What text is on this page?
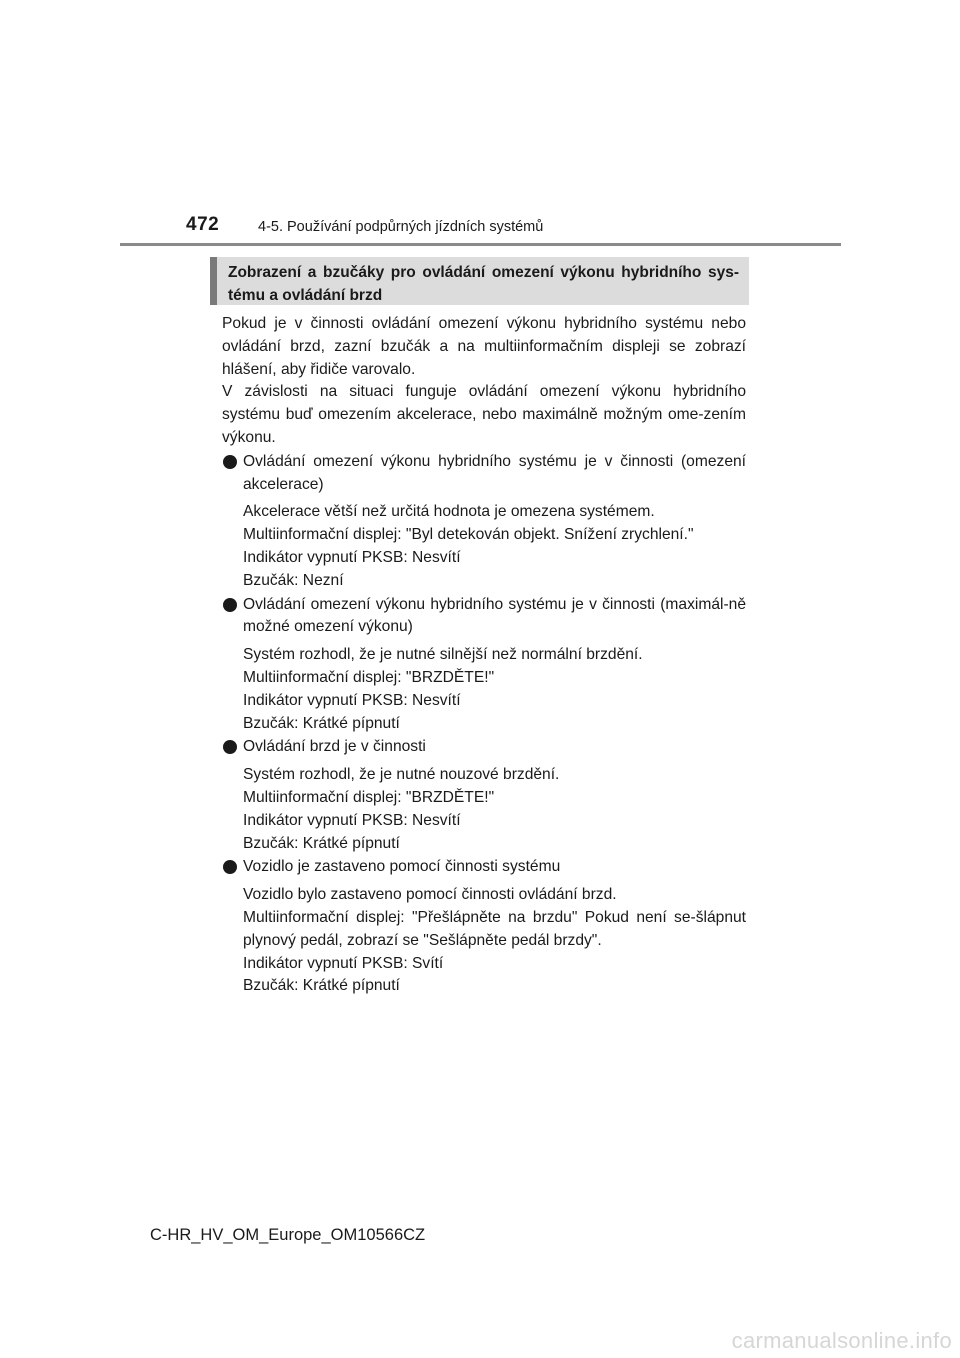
472	4-5. Používání podpůrných jízdních systémů
Zobrazení a bzučáky pro ovládání omezení výkonu hybridního sys-tému a ovládání brzd

Pokud je v činnosti ovládání omezení výkonu hybridního systému nebo ovládání brzd, zazní bzučák a na multiinformačním displeji se zobrazí hlášení, aby řidiče varovalo.

V závislosti na situaci funguje ovládání omezení výkonu hybridního systému buď omezením akcelerace, nebo maximálně možným ome-zením výkonu.

Ovládání omezení výkonu hybridního systému je v činnosti (omezení akcelerace)
Akcelerace větší než určitá hodnota je omezena systémem.
Multiinformační displej: "Byl detekován objekt. Snížení zrychlení."
Indikátor vypnutí PKSB: Nesvítí
Bzučák: Nezní
Ovládání omezení výkonu hybridního systému je v činnosti (maximál-ně možné omezení výkonu)
Systém rozhodl, že je nutné silnější než normální brzdění.
Multiinformační displej: "BRZDĚTE!"
Indikátor vypnutí PKSB: Nesvítí
Bzučák: Krátké pípnutí
Ovládání brzd je v činnosti
Systém rozhodl, že je nutné nouzové brzdění.
Multiinformační displej: "BRZDĚTE!"
Indikátor vypnutí PKSB: Nesvítí
Bzučák: Krátké pípnutí
Vozidlo je zastaveno pomocí činnosti systému
Vozidlo bylo zastaveno pomocí činnosti ovládání brzd.
Multiinformační displej: "Přešlápněte na brzdu" Pokud není se-šlápnut plynový pedál, zobrazí se "Sešlápněte pedál brzdy".
Indikátor vypnutí PKSB: Svítí
Bzučák: Krátké pípnutí
C-HR_HV_OM_Europe_OM10566CZ
carmanualsonline.info
